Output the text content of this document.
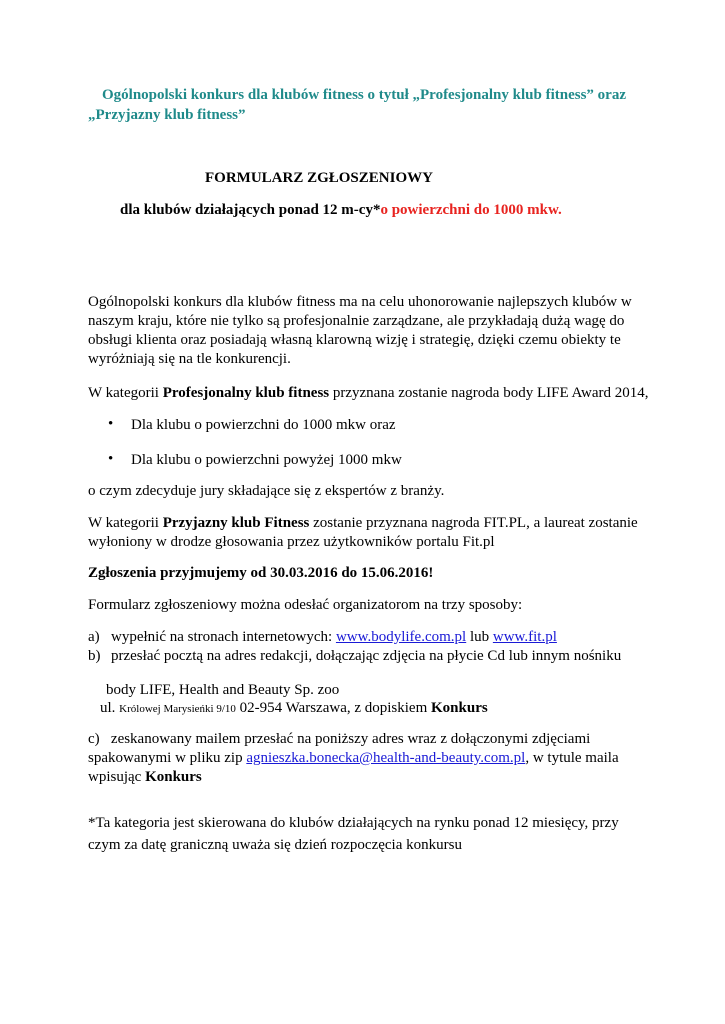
Ogólnopolski konkurs dla klubów fitness o tytuł „Profesjonalny klub fitness” oraz
„Przyjazny klub fitness”
FORMULARZ ZGŁOSZENIOWY
dla klubów działających ponad 12 m-cy*o powierzchni do 1000 mkw.
Ogólnopolski konkurs dla klubów fitness ma na celu uhonorowanie najlepszych klubów w
naszym kraju, które nie tylko są profesjonalnie zarządzane, ale przykładają dużą wagę do
obsługi klienta oraz posiadają własną klarowną wizję i strategię, dzięki czemu obiekty te
wyróżniają się na tle konkurencji.
W kategorii Profesjonalny klub fitness przyznana zostanie nagroda body LIFE Award 2014,
• Dla klubu o powierzchni do 1000 mkw oraz
• Dla klubu o powierzchni powyżej 1000 mkw
o czym zdecyduje jury składające się z ekspertów z branży.
W kategorii Przyjazny klub Fitness zostanie przyznana nagroda FIT.PL, a laureat zostanie
wyłoniony w drodze głosowania przez użytkowników portalu Fit.pl
Zgłoszenia przyjmujemy od 30.03.2016 do 15.06.2016!
Formularz zgłoszeniowy można odesłać organizatorom na trzy sposoby:
a) wypełnić na stronach internetowych: www.bodylife.com.pl lub www.fit.pl
b) przesłać pocztą na adres redakcji, dołączając zdjęcia na płycie Cd lub innym nośniku
body LIFE, Health and Beauty Sp. zoo
ul. Królowej Marysieńki 9/10 02-954 Warszawa, z dopiskiem Konkurs
c) zeskanowany mailem przesłać na poniższy adres wraz z dołączonymi zdjęciami
spakowanymi w pliku zip agnieszka.bonecka@health-and-beauty.com.pl, w tytule maila
wpisując Konkurs
*Ta kategoria jest skierowana do klubów działających na rynku ponad 12 miesięcy, przy
czym za datę graniczną uważa się dzień rozpoczęcia konkursu
